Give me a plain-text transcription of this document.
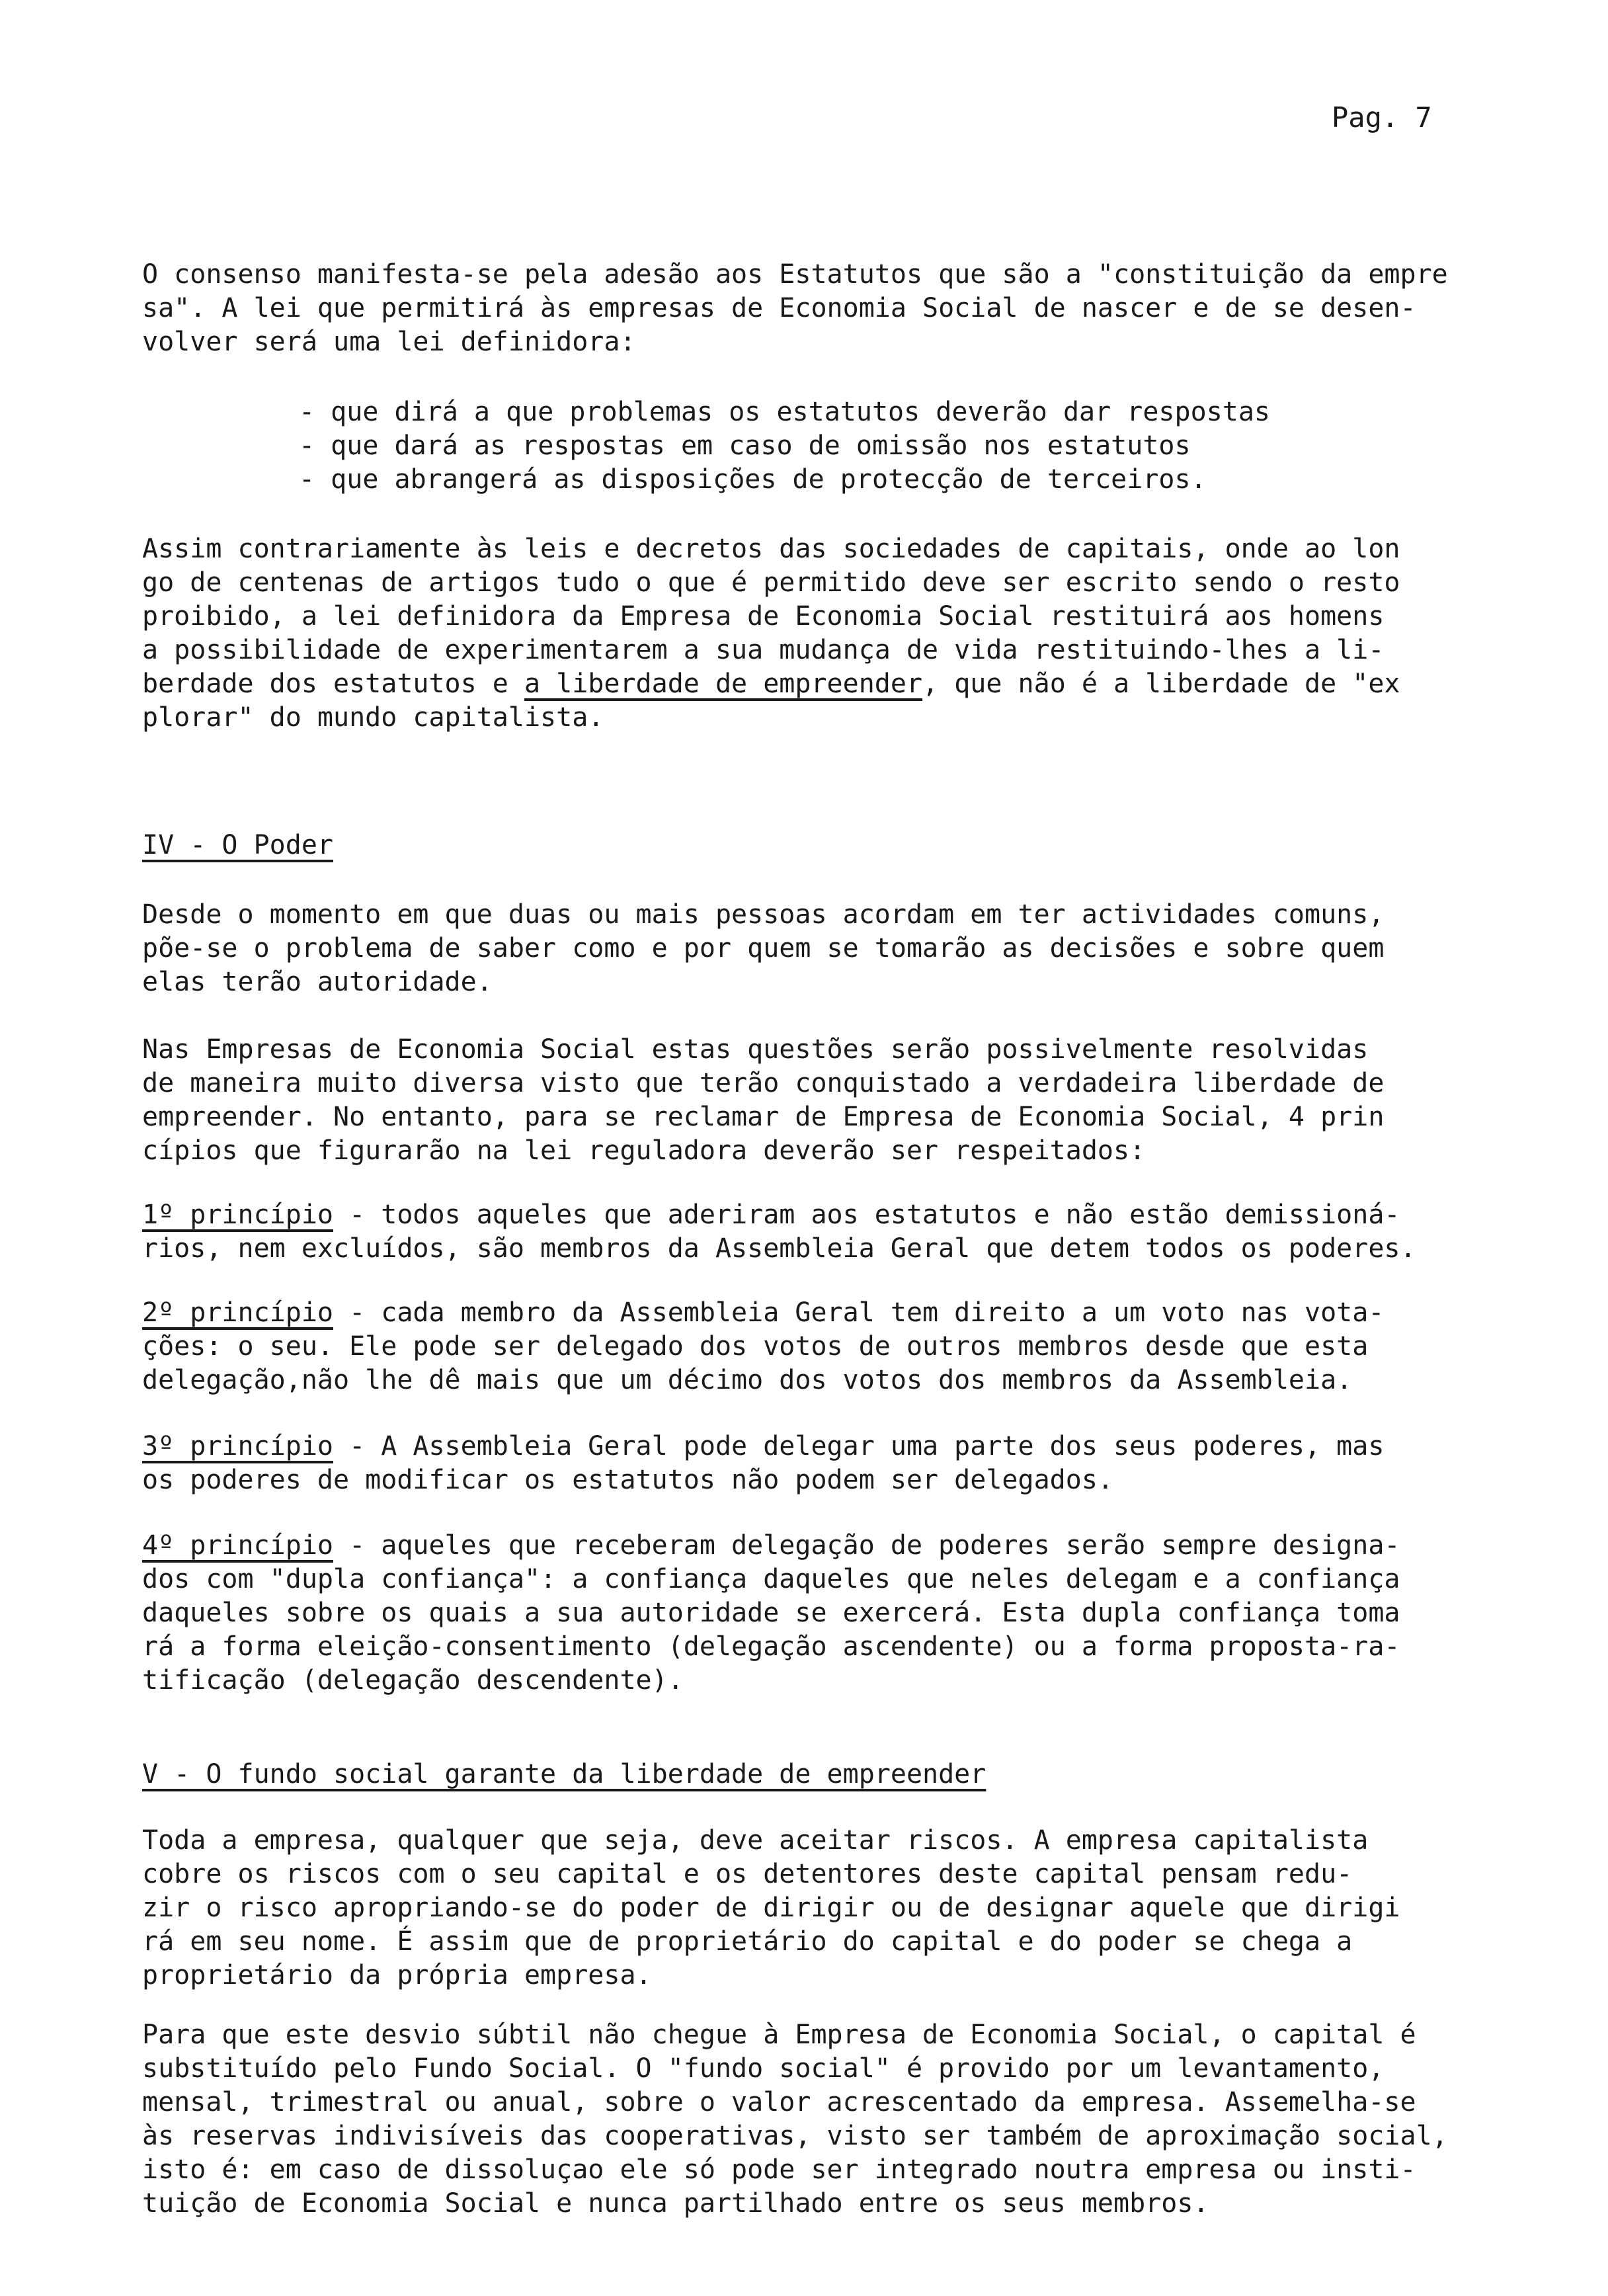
Pag. 7

O consenso manifesta-se pela adesão aos Estatutos que são a "constituição da empre
sa". A lei que permitirá às empresas de Economia Social de nascer e de se desen-
volver será uma lei definidora:

- que dirá a que problemas os estatutos deverão dar respostas
- que dará as respostas em caso de omissão nos estatutos
- que abrangerá as disposições de protecção de terceiros.

Assim contrariamente às leis e decretos das sociedades de capitais, onde ao lon
go de centenas de artigos tudo o que é permitido deve ser escrito sendo o resto
proibido, a lei definidora da Empresa de Economia Social restituirá aos homens
a possibilidade de experimentarem a sua mudança de vida restituindo-lhes a li-
berdade dos estatutos e a liberdade de empreender, que não é a liberdade de "ex
plorar" do mundo capitalista.

IV - O Poder

Desde o momento em que duas ou mais pessoas acordam em ter actividades comuns,
põe-se o problema de saber como e por quem se tomarão as decisões e sobre quem
elas terão autoridade.

Nas Empresas de Economia Social estas questões serão possivelmente resolvidas
de maneira muito diversa visto que terão conquistado a verdadeira liberdade de
empreender. No entanto, para se reclamar de Empresa de Economia Social, 4 prin
cípios que figurarão na lei reguladora deverão ser respeitados:

1º princípio - todos aqueles que aderiram aos estatutos e não estão demissioná-
rios, nem excluídos, são membros da Assembleia Geral que detem todos os poderes.

2º princípio - cada membro da Assembleia Geral tem direito a um voto nas vota-
ções: o seu. Ele pode ser delegado dos votos de outros membros desde que esta
delegação,não lhe dê mais que um décimo dos votos dos membros da Assembleia.

3º princípio - A Assembleia Geral pode delegar uma parte dos seus poderes, mas
os poderes de modificar os estatutos não podem ser delegados.

4º princípio - aqueles que receberam delegação de poderes serão sempre designa-
dos com "dupla confiança": a confiança daqueles que neles delegam e a confiança
daqueles sobre os quais a sua autoridade se exercerá. Esta dupla confiança toma
rá a forma eleição-consentimento (delegação ascendente) ou a forma proposta-ra-
tificação (delegação descendente).

V - O fundo social garante da liberdade de empreender

Toda a empresa, qualquer que seja, deve aceitar riscos. A empresa capitalista
cobre os riscos com o seu capital e os detentores deste capital pensam redu-
zir o risco apropriando-se do poder de dirigir ou de designar aquele que dirigi
rá em seu nome. É assim que de proprietário do capital e do poder se chega a
proprietário da própria empresa.

Para que este desvio súbtil não chegue à Empresa de Economia Social, o capital é
substituído pelo Fundo Social. O "fundo social" é provido por um levantamento,
mensal, trimestral ou anual, sobre o valor acrescentado da empresa. Assemelha-se
às reservas indivisíveis das cooperativas, visto ser também de aproximação social,
isto é: em caso de dissoluçao ele só pode ser integrado noutra empresa ou insti-
tuição de Economia Social e nunca partilhado entre os seus membros.
